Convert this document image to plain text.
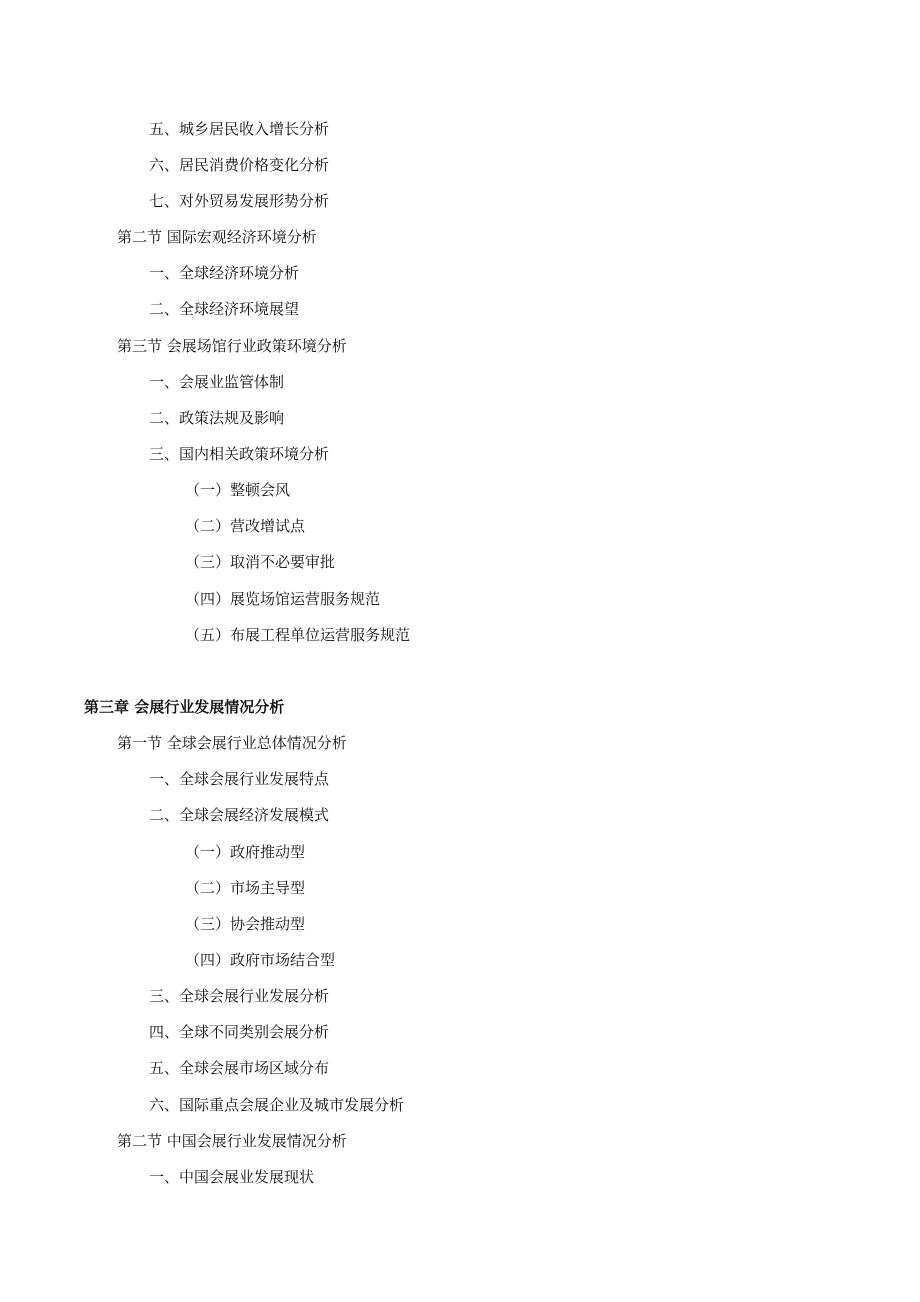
五、城乡居民收入增长分析
六、居民消费价格变化分析
七、对外贸易发展形势分析
第二节 国际宏观经济环境分析
一、全球经济环境分析
二、全球经济环境展望
第三节 会展场馆行业政策环境分析
一、会展业监管体制
二、政策法规及影响
三、国内相关政策环境分析
（一）整顿会风
（二）营改增试点
（三）取消不必要审批
（四）展览场馆运营服务规范
（五）布展工程单位运营服务规范
第三章 会展行业发展情况分析
第一节 全球会展行业总体情况分析
一、全球会展行业发展特点
二、全球会展经济发展模式
（一）政府推动型
（二）市场主导型
（三）协会推动型
（四）政府市场结合型
三、全球会展行业发展分析
四、全球不同类别会展分析
五、全球会展市场区域分布
六、国际重点会展企业及城市发展分析
第二节 中国会展行业发展情况分析
一、中国会展业发展现状
